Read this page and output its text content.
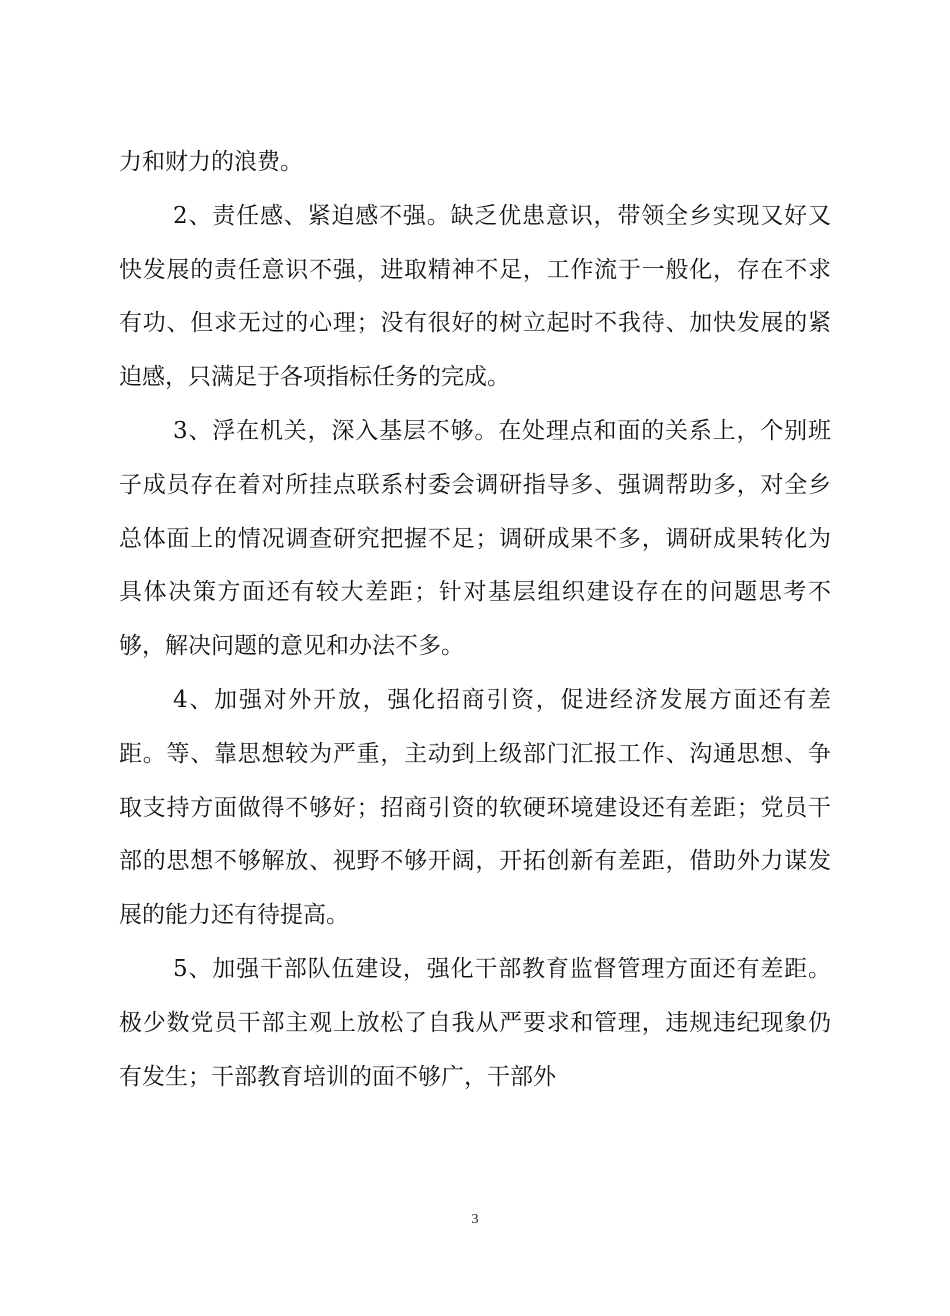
力和财力的浪费。

2、责任感、紧迫感不强。缺乏优患意识，带领全乡实现又好又快发展的责任意识不强，进取精神不足，工作流于一般化，存在不求有功、但求无过的心理；没有很好的树立起时不我待、加快发展的紧迫感，只满足于各项指标任务的完成。

3、浮在机关，深入基层不够。在处理点和面的关系上，个别班子成员存在着对所挂点联系村委会调研指导多、强调帮助多，对全乡总体面上的情况调查研究把握不足；调研成果不多，调研成果转化为具体决策方面还有较大差距；针对基层组织建设存在的问题思考不够，解决问题的意见和办法不多。

4、加强对外开放，强化招商引资，促进经济发展方面还有差距。等、靠思想较为严重，主动到上级部门汇报工作、沟通思想、争取支持方面做得不够好；招商引资的软硬环境建设还有差距；党员干部的思想不够解放、视野不够开阔，开拓创新有差距，借助外力谋发展的能力还有待提高。

5、加强干部队伍建设，强化干部教育监督管理方面还有差距。极少数党员干部主观上放松了自我从严要求和管理，违规违纪现象仍有发生；干部教育培训的面不够广，干部外

3
